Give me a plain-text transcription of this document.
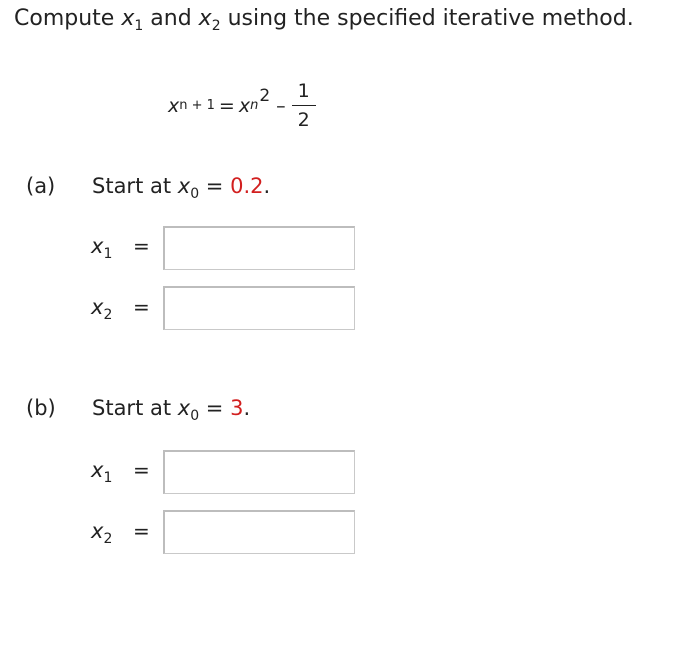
Compute $x_1$ and $x_2$ using the specified iterative method.
x n + 1 = x n $2 - \frac{1}{2}$
(a) Start at $x_0 = 0.2$.
$x_1$ =
$x_2$ =
(b) Start at $x_0 = 3$.
$x_1$ =
$x_2$ =
